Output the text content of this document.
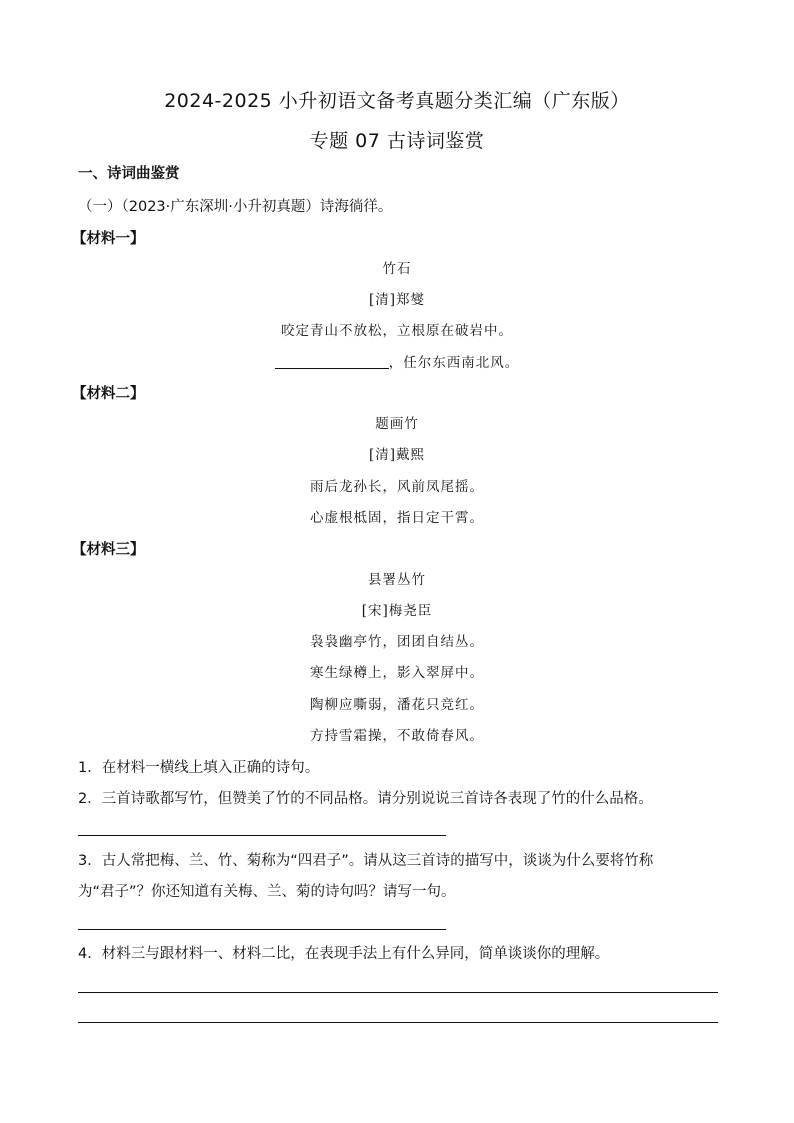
2024-2025 小升初语文备考真题分类汇编（广东版）
专题 07 古诗词鉴赏
一、诗词曲鉴赏
（一）（2023·广东深圳·小升初真题）诗海徜徉。
【材料一】
竹石
[清]郑燮
咬定青山不放松，立根原在破岩中。
，任尔东西南北风。
【材料二】
题画竹
[清]戴熙
雨后龙孙长，风前凤尾摇。
心虚根柢固，指日定干霄。
【材料三】
县署丛竹
[宋]梅尧臣
袅袅幽亭竹，团团自结丛。
寒生绿樽上，影入翠屏中。
陶柳应嘶弱，潘花只竞红。
方持雪霜操，不敢倚春风。
1．在材料一横线上填入正确的诗句。
2．三首诗歌都写竹，但赞美了竹的不同品格。请分别说说三首诗各表现了竹的什么品格。
3．古人常把梅、兰、竹、菊称为“四君子”。请从这三首诗的描写中，谈谈为什么要将竹称
为“君子”？你还知道有关梅、兰、菊的诗句吗？请写一句。
4．材料三与跟材料一、材料二比，在表现手法上有什么异同，简单谈谈你的理解。
